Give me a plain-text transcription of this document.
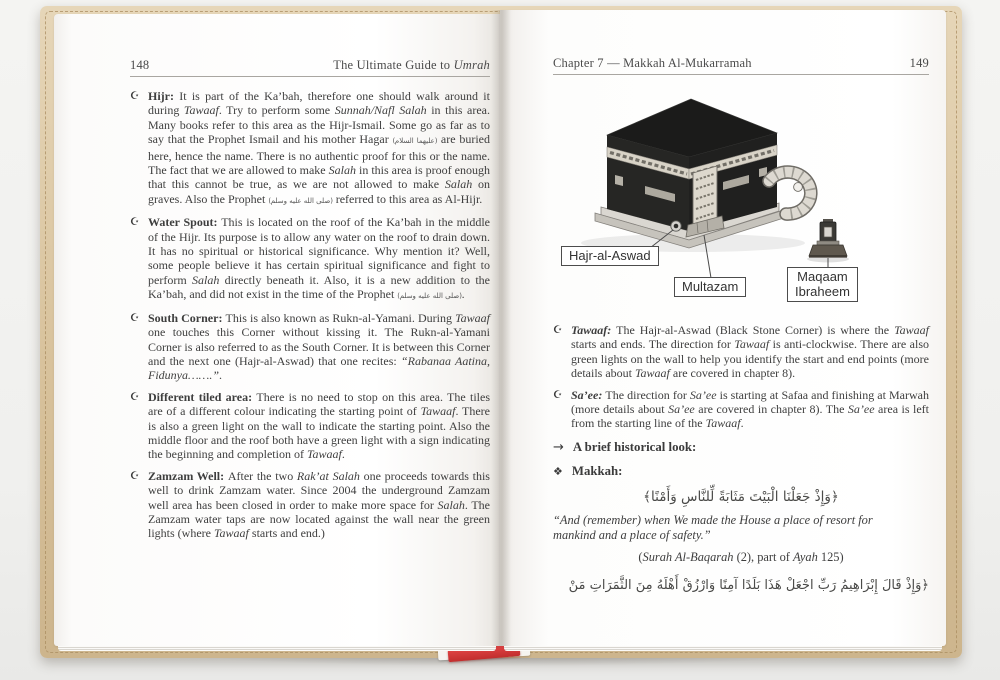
148	The Ultimate Guide to Umrah
☪ Hijr: It is part of the Ka’bah, therefore one should walk around it during Tawaaf. Try to perform some Sunnah/Nafl Salah in this area. Many books refer to this area as the Hijr-Ismail. Some go as far as to say that the Prophet Ismail and his mother Hagar (عليهما السلام) are buried here, hence the name. There is no authentic proof for this or the name. The fact that we are allowed to make Salah in this area is proof enough that this cannot be true, as we are not allowed to make Salah on graves. Also the Prophet (صلى الله عليه وسلم) referred to this area as Al-Hijr.
☪ Water Spout: This is located on the roof of the Ka’bah in the middle of the Hijr. Its purpose is to allow any water on the roof to drain down. It has no spiritual or historical significance. Why mention it? Well, some people believe it has certain spiritual significance and fight to perform Salah directly beneath it. Also, it is a new addition to the Ka’bah, and did not exist in the time of the Prophet (صلى الله عليه وسلم).
☪ South Corner: This is also known as Rukn-al-Yamani. During Tawaaf one touches this Corner without kissing it. The Rukn-al-Yamani Corner is also referred to as the South Corner. It is between this Corner and the next one (Hajr-al-Aswad) that one recites: “Rabanaa Aatina, Fidunya…….”.
☪ Different tiled area: There is no need to stop on this area. The tiles are of a different colour indicating the starting point of Tawaaf. There is also a green light on the wall to indicate the starting point. Also the middle floor and the roof both have a green light with a sign indicating the beginning and completion of Tawaaf.
☪ Zamzam Well: After the two Rak’at Salah one proceeds towards this well to drink Zamzam water. Since 2004 the underground Zamzam well area has been closed in order to make more space for Salah. The Zamzam water taps are now located against the wall near the green lights (where Tawaaf starts and end.)
Chapter 7 — Makkah Al-Mukarramah	149
Hajr-al-Aswad
Multazam
Maqaam
Ibraheem
☪ Tawaaf: The Hajr-al-Aswad (Black Stone Corner) is where the Tawaaf starts and ends. The direction for Tawaaf is anti-clockwise. There are also green lights on the wall to help you identify the start and end points (more details about Tawaaf are covered in chapter 8).
☪ Sa’ee: The direction for Sa’ee is starting at Safaa and finishing at Marwah (more details about Sa’ee are covered in chapter 8). The Sa’ee area is left from the starting line of the Tawaaf.
→ A brief historical look:
❖ Makkah:
﴿وَإِذْ جَعَلْنَا الْبَيْتَ مَثَابَةً لِّلنَّاسِ وَأَمْنًا﴾
“And (remember) when We made the House a place of resort for mankind and a place of safety.”
(Surah Al-Baqarah (2), part of Ayah 125)
﴿وَإِذْ قَالَ إِبْرَاهِيمُ رَبِّ اجْعَلْ هَذَا بَلَدًا آمِنًا وَارْزُقْ أَهْلَهُ مِنَ الثَّمَرَاتِ مَنْ
